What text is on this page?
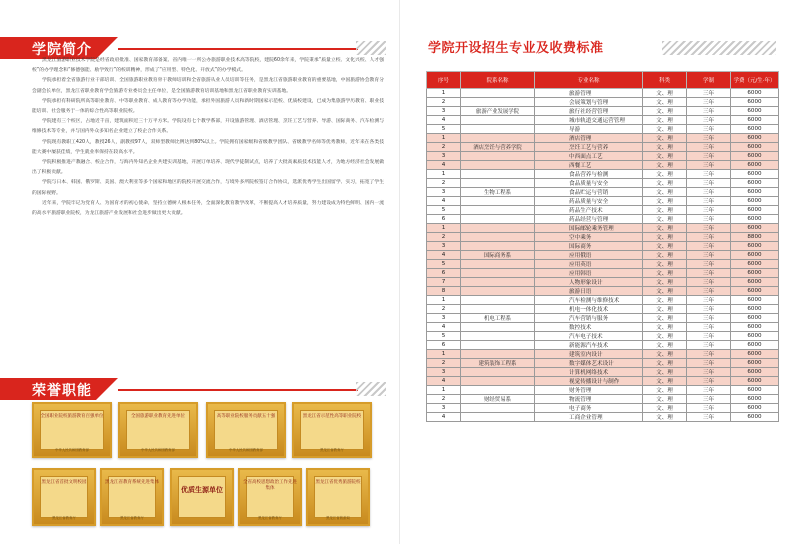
学院简介

黑龙江旅游职业技术学院是经省政府批准、国家教育部备案、省内唯一一所公办旅游职业技术高等院校，建院60余年来，学院秉承“质量立校、文化兴校、人才强校”的办学理念和“修德强能、励学致行”的校训精神，形成了“应用型、特色化、开放式”的办学模式。

学院承担着全省旅游行业干部培训、全国旅游职业教育骨干教师培训和全省旅游从业人员培训等任务，是黑龙江省旅游职业教育的重要基地，中国旅游协会教育分会副会长单位，黑龙江省职业教育学会旅游专业委员会主任单位，是全国旅游教育培训基地和黑龙江省职业教育实训基地。

学院承担有科研院所高等职业教育、中等职业教育、成人教育等办学功能，承担外国旅游人员和新时期国家示范校、优质校建设，已成为集旅游学历教育、职业技能培训、社会服务于一体的综合性高等职业院校。

学院建有三个校区，占地近千亩，建筑面积近三十万平方米。学院设有七个教学系部，开设旅游管理、酒店管理、烹饪工艺与营养、导游、国际商务、汽车检测与维修技术等专业，并与国内外众多知名企业建立了校企合作关系。

学院现有教职工420人，教授26人，副教授97人，双师型教师比例达到80%以上。学院拥有国家级和省级教学团队、省级教学名师等优秀教师，近年来在各类技能大赛中屡获佳绩，学生就业率保持在较高水平。

学院积极推进产教融合、校企合作，与海内外知名企业共建实训基地，开展订单培养、现代学徒制试点，培养了大批高素质技术技能人才，为地方经济社会发展做出了积极贡献。

学院与日本、韩国、俄罗斯、美国、澳大利亚等多个国家和地区的院校开展交流合作，与境外多所院校签订合作协议，选派优秀学生出国留学、实习，拓宽了学生的国际视野。

近年来，学院牢记为党育人、为国育才的初心使命，坚持立德树人根本任务，全面深化教育教学改革，不断提高人才培养质量，努力建设成为特色鲜明、国内一流的高水平旅游职业院校，为龙江旅游产业发展和社会进步做出更大贡献。

荣誉职能
全国职业院校旅游教育百强单位
中华人民共和国教育部
全国旅游职业教育先进单位
中华人民共和国教育部
高等职业院校服务贡献五十强
中华人民共和国教育部
黑龙江省示范性高等职业院校
黑龙江省教育厅
黑龙江省首批文明校园
黑龙江省教育厅
黑龙江省教育系统先进集体
黑龙江省教育厅
优质生源单位
全省高校思想政治工作先进集体
黑龙江省教育厅
黑龙江省优秀旅游院校
黑龙江省旅游局
学院开设招生专业及收费标准
序号	院系名称	专业名称	科类	学制	学费（元/生·年）
1		旅游管理	文、理	三年	6000
2		会展策划与管理	文、理	三年	6000
3	旅游产业发展学院	旅行社经营管理	文、理	三年	6000
4		城市轨道交通运营管理	文、理	三年	6000
5		导游	文、理	三年	6000
1		酒店管理	文、理	三年	6000
2	酒店烹饪与营养学院	烹饪工艺与营养	文、理	三年	6000
3		中西面点工艺	文、理	三年	6000
4		西餐工艺	文、理	三年	6000
1		食品营养与检测	文、理	三年	6000
2		食品质量与安全	文、理	三年	6000
3	生物工程系	食品贮运与营销	文、理	三年	6000
4		药品质量与安全	文、理	三年	6000
5		药品生产技术	文、理	三年	6000
6		药品经营与管理	文、理	三年	6000
1		国际邮轮乘务管理	文、理	三年	6000
2		空中乘务	文、理	三年	8800
3		国际商务	文、理	三年	6000
4	国际商务系	应用俄语	文、理	三年	6000
5		应用英语	文、理	三年	6000
6		应用韩语	文、理	三年	6000
7		人物形象设计	文、理	三年	6000
8		旅游日语	文、理	三年	6000
1		汽车检测与维修技术	文、理	三年	6000
2		机电一体化技术	文、理	三年	6000
3	机电工程系	汽车营销与服务	文、理	三年	6000
4		数控技术	文、理	三年	6000
5		汽车电子技术	文、理	三年	6000
6		新能源汽车技术	文、理	三年	6000
1		建筑室内设计	文、理	三年	6000
2	建筑装饰工程系	数字媒体艺术设计	文、理	三年	6000
3		计算机网络技术	文、理	三年	6000
4		视觉传播设计与制作	文、理	三年	6000
1		财务管理	文、理	三年	6000
2	财经贸易系	物流管理	文、理	三年	6000
3		电子商务	文、理	三年	6000
4		工商企业管理	文、理	三年	6000
